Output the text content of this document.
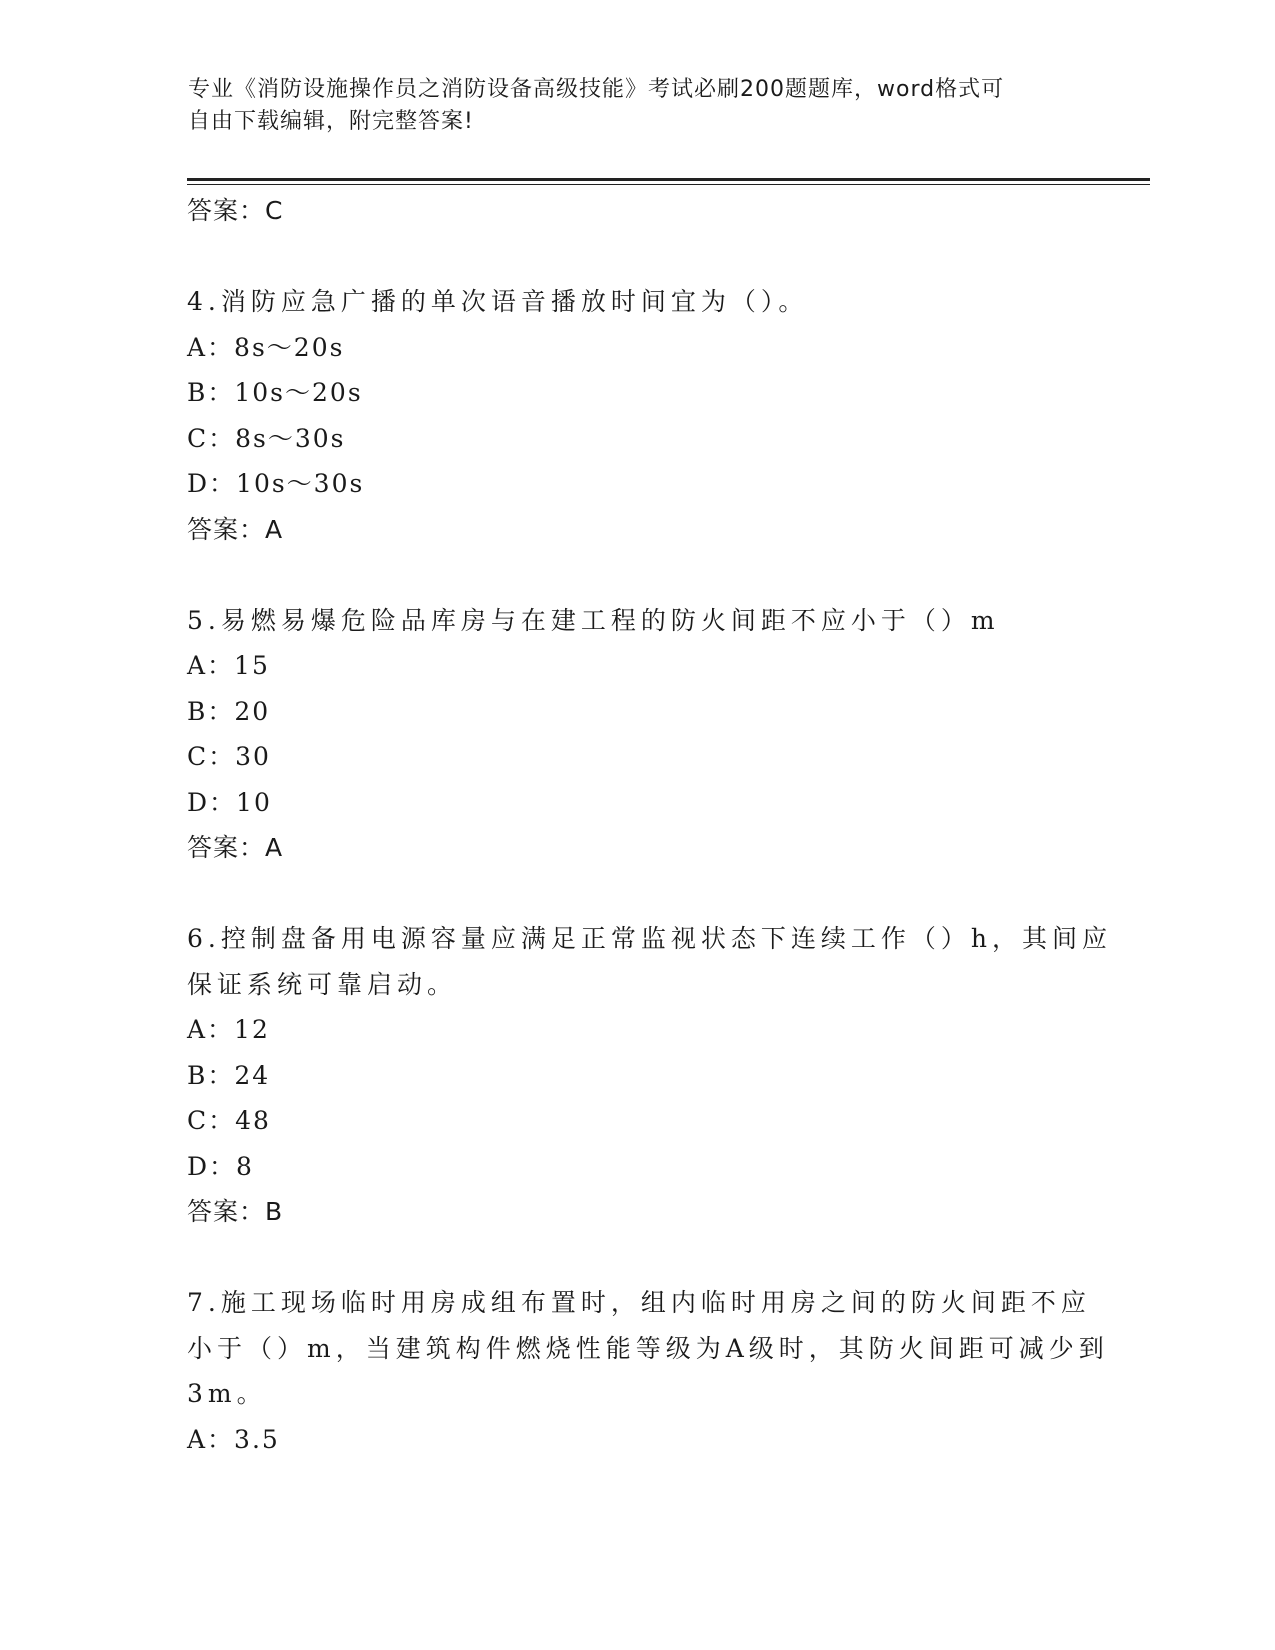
专业《消防设施操作员之消防设备高级技能》考试必刷200题题库，word格式可
自由下载编辑，附完整答案!
答案：C
4.消防应急广播的单次语音播放时间宜为（）。
A：8s～20s
B：10s～20s
C：8s～30s
D：10s～30s
答案：A
5.易燃易爆危险品库房与在建工程的防火间距不应小于（）m
A：15
B：20
C：30
D：10
答案：A
6.控制盘备用电源容量应满足正常监视状态下连续工作（）h，其间应
保证系统可靠启动。
A：12
B：24
C：48
D：8
答案：B
7.施工现场临时用房成组布置时，组内临时用房之间的防火间距不应
小于（）m，当建筑构件燃烧性能等级为A级时，其防火间距可减少到
3m。
A：3.5
